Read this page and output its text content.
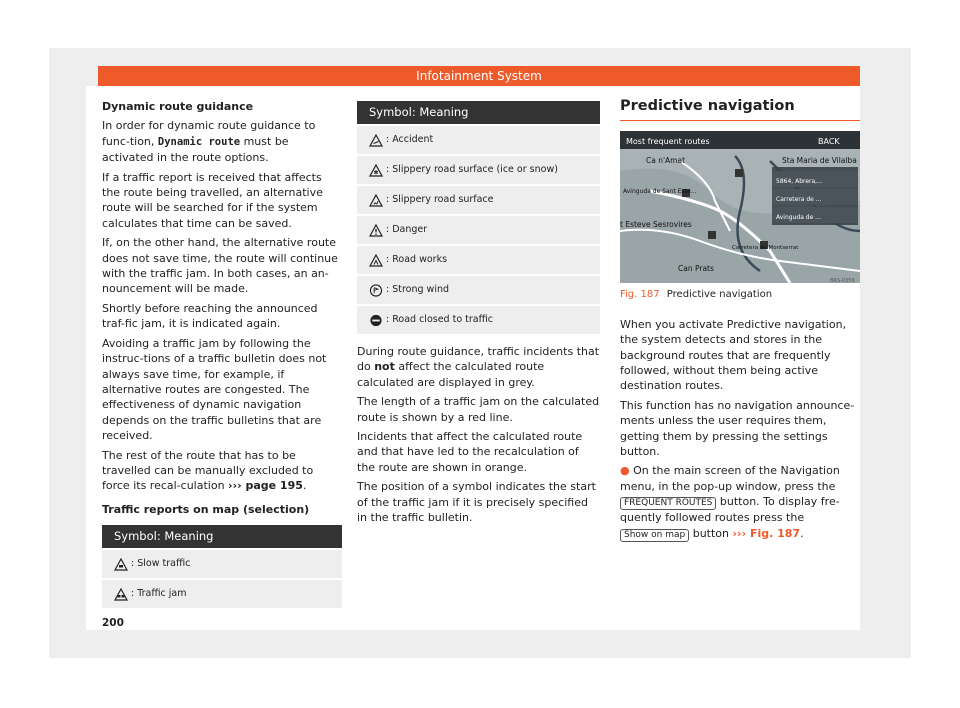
Infotainment System
Dynamic route guidance

In order for dynamic route guidance to func-tion, Dynamic route must be activated in the route options.

If a traffic report is received that affects the route being travelled, an alternative route will be searched for if the system calculates that time can be saved.

If, on the other hand, the alternative route does not save time, the route will continue with the traffic jam. In both cases, an an-nouncement will be made.

Shortly before reaching the announced traf-fic jam, it is indicated again.

Avoiding a traffic jam by following the instruc-tions of a traffic bulletin does not always save time, for example, if alternative routes are congested. The effectiveness of dynamic navigation depends on the traffic bulletins that are received.

The rest of the route that has to be travelled can be manually excluded to force its recal-culation ››› page 195.

Traffic reports on map (selection)
Symbol: Meaning
: Slow traffic
: Traffic jam
Symbol: Meaning
: Accident
: Slippery road surface (ice or snow)
: Slippery road surface
: Danger
: Road works
: Strong wind
: Road closed to traffic

During route guidance, traffic incidents that do not affect the calculated route calculated are displayed in grey.

The length of a traffic jam on the calculated route is shown by a red line.

Incidents that affect the calculated route and that have led to the recalculation of the route are shown in orange.

The position of a symbol indicates the start of the traffic jam if it is precisely specified in the traffic bulletin.

Predictive navigation
Most frequent routes	BACK
Ca n'Amat	Sta Maria de Vilalba
Avinguda de Sant Este...
t Esteve Sesrovires
Carretera de Montserrat
Can Prats
5864, Abrera,...
Carretera de ...
Avinguda de ...
BRS-0359
Fig. 187 Predictive navigation

When you activate Predictive navigation, the system detects and stores in the background routes that are frequently followed, without them being active destination routes.

This function has no navigation announce-ments unless the user requires them, getting them by pressing the settings button.

● On the main screen of the Navigation menu, in the pop-up window, press the FREQUENT ROUTES button. To display fre-quently followed routes press the Show on map button ››› Fig. 187.

200
